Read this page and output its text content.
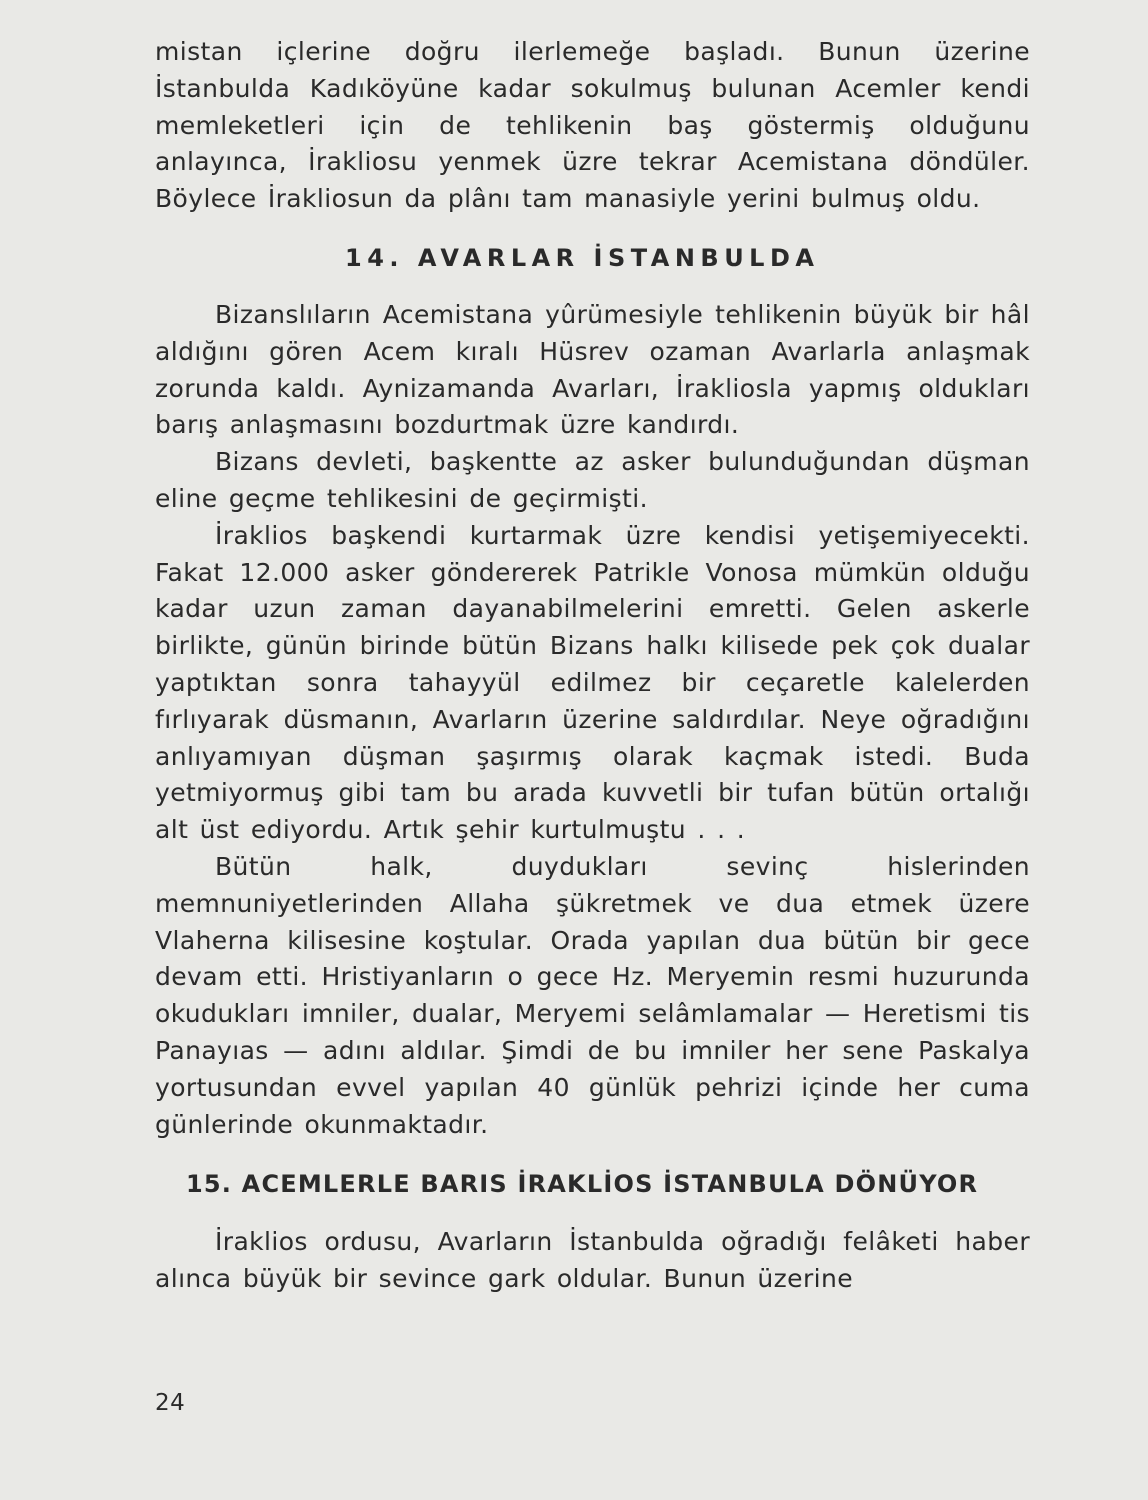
mistan içlerine doğru ilerlemeğe başladı. Bunun üzerine İstanbulda Kadıköyüne kadar sokulmuş bulunan Acemler kendi memleketleri için de tehlikenin baş göstermiş olduğunu anlayınca, İrakliosu yenmek üzre tekrar Acemistana döndüler. Böylece İrakliosun da plânı tam manasiyle yerini bulmuş oldu.

14. AVARLAR İSTANBULDA

Bizanslıların Acemistana yûrümesiyle tehlikenin büyük bir hâl aldığını gören Acem kıralı Hüsrev ozaman Avarlarla anlaşmak zorunda kaldı. Aynizamanda Avarları, İrakliosla yapmış oldukları barış anlaşmasını bozdurtmak üzre kandırdı.

Bizans devleti, başkentte az asker bulunduğundan düşman eline geçme tehlikesini de geçirmişti.

İraklios başkendi kurtarmak üzre kendisi yetişemiyecekti. Fakat 12.000 asker göndererek Patrikle Vonosa mümkün olduğu kadar uzun zaman dayanabilmelerini emretti. Gelen askerle birlikte, günün birinde bütün Bizans halkı kilisede pek çok dualar yaptıktan sonra tahayyül edilmez bir ceçaretle kalelerden fırlıyarak düsmanın, Avarların üzerine saldırdılar. Neye oğradığını anlıyamıyan düşman şaşırmış olarak kaçmak istedi. Buda yetmiyormuş gibi tam bu arada kuvvetli bir tufan bütün ortalığı alt üst ediyordu. Artık şehir kurtulmuştu . . .

Bütün halk, duydukları sevinç hislerinden memnuniyetlerinden Allaha şükretmek ve dua etmek üzere Vlaherna kilisesine koştular. Orada yapılan dua bütün bir gece devam etti. Hristiyanların o gece Hz. Meryemin resmi huzurunda okudukları imniler, dualar, Meryemi selâmlamalar — Heretismi tis Panayıas — adını aldılar. Şimdi de bu imniler her sene Paskalya yortusundan evvel yapılan 40 günlük pehrizi içinde her cuma günlerinde okunmaktadır.

15. ACEMLERLE BARIS İRAKLİOS İSTANBULA DÖNÜYOR

İraklios ordusu, Avarların İstanbulda oğradığı felâketi haber alınca büyük bir sevince gark oldular. Bunun üzerine

24
